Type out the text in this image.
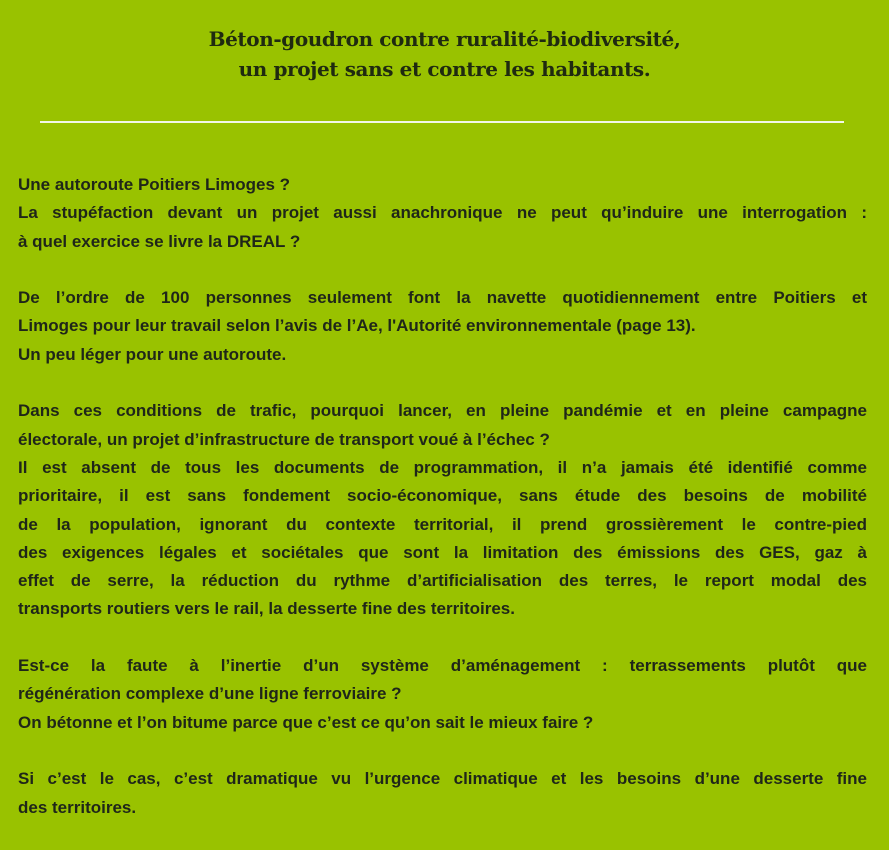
Béton-goudron contre ruralité-biodiversité,
un projet sans et contre les habitants.

Une autoroute Poitiers Limoges ?
La stupéfaction devant un projet aussi anachronique ne peut qu’induire une interrogation :
à quel exercice se livre la DREAL ?

De l’ordre de 100 personnes seulement font la navette quotidiennement entre Poitiers et
Limoges pour leur travail selon l’avis de l’Ae, l'Autorité environnementale (page 13).
Un peu léger pour une autoroute.

Dans ces conditions de trafic, pourquoi lancer, en pleine pandémie et en pleine campagne
électorale, un projet d’infrastructure de transport voué à l’échec ?
Il est absent de tous les documents de programmation, il n’a jamais été identifié comme
prioritaire, il est sans fondement socio-économique, sans étude des besoins de mobilité
de la population, ignorant du contexte territorial, il prend grossièrement le contre-pied
des exigences légales et sociétales que sont la limitation des émissions des GES, gaz à
effet de serre, la réduction du rythme d’artificialisation des terres, le report modal des
transports routiers vers le rail, la desserte fine des territoires.

Est-ce la faute à l’inertie d’un système d’aménagement : terrassements plutôt que
régénération complexe d’une ligne ferroviaire ?
On bétonne et l’on bitume parce que c’est ce qu’on sait le mieux faire ?

Si c’est le cas, c’est dramatique vu l’urgence climatique et les besoins d’une desserte fine
des territoires.
